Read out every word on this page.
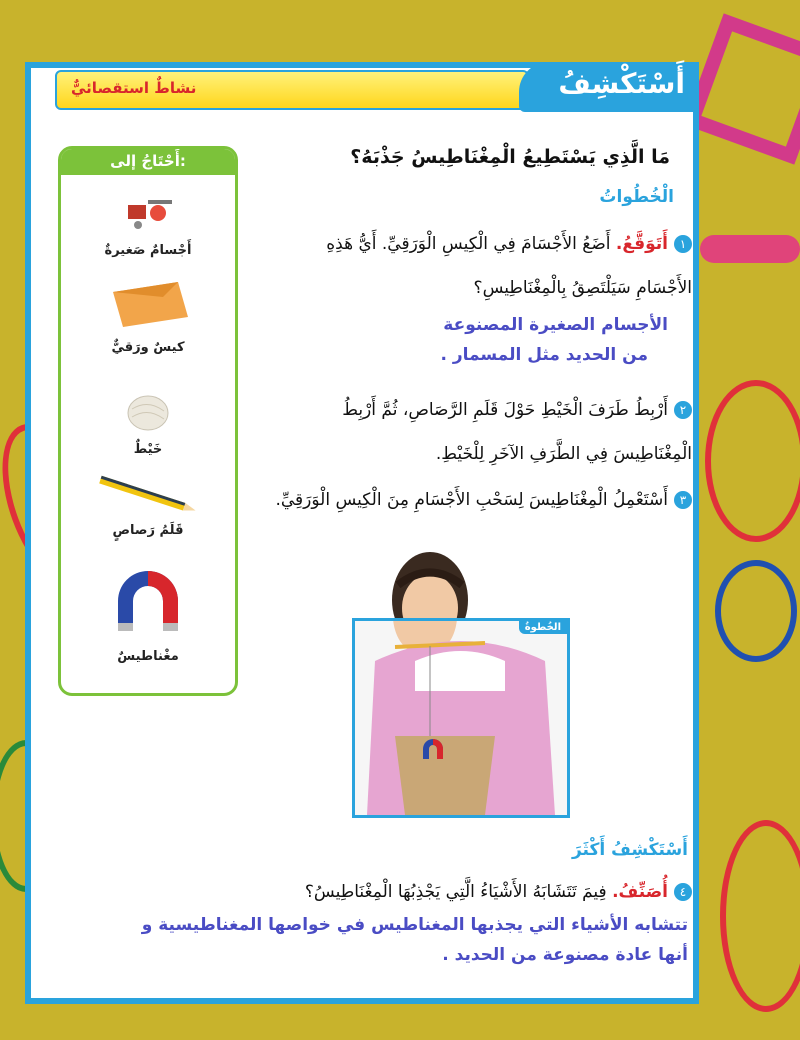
نشاطٌ استقصائيٌّ	أَسْتَكْشِفُ
أَحْتَاجُ إلى:
أَجْسامٌ صَغيرةٌ
كيسٌ ورَقيٌّ
خَيْطٌ
قَلَمُ رَصاصٍ
مغْناطيسٌ
مَا الَّذِي يَسْتَطِيعُ الْمِغْنَاطِيسُ جَذْبَهُ؟
الْخُطُواتُ
١أَتَوَقَّعُ. أَضَعُ الأَجْسَامَ فِي الْكِيسِ الْوَرَقِيِّ. أَيُّ هَذِهِ الأَجْسَامِ سَيَلْتَصِقُ بِالْمِغْنَاطِيسِ؟
الأجسام الصغيرة المصنوعة
من الحديد مثل المسمار .
٢أَرْبِطُ طَرَفَ الْخَيْطِ حَوْلَ قَلَمِ الرَّصَاصِ، ثُمَّ أَرْبِطُ الْمِغْنَاطِيسَ فِي الطَّرَفِ الآخَرِ لِلْخَيْطِ.
٣أَسْتَعْمِلُ الْمِغْنَاطِيسَ لِسَحْبِ الأَجْسَامِ مِنَ الْكِيسِ الْوَرَقِيِّ.
الخُطوةُ
أَسْتَكْشِفُ أَكْثَرَ
٤أُصَنِّفُ. فِيمَ تَتَشَابَهُ الأَشْيَاءُ الَّتِي يَجْذِبُهَا الْمِغْنَاطِيسُ؟
تتشابه الأشياء التي يجذبها المغناطيس في خواصها المغناطيسية و
أنها عادة مصنوعة من الحديد .
